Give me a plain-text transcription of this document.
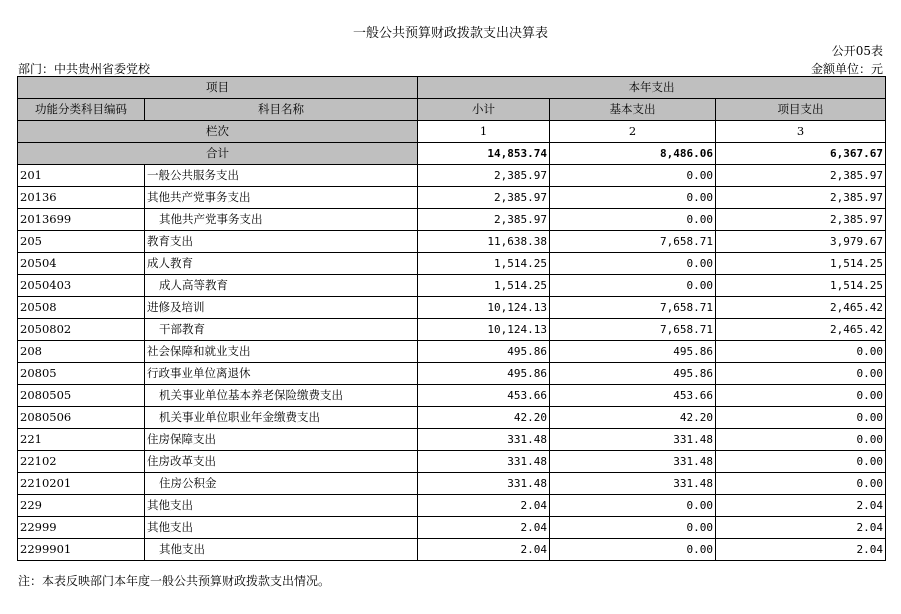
一般公共预算财政拨款支出决算表
公开05表
部门：中共贵州省委党校	金额单位：元
项目		本年支出		
功能分类科目编码	科目名称	小计	基本支出	项目支出
栏次		1	2	3
合计		14,853.74	8,486.06	6,367.67
201	一般公共服务支出	2,385.97	0.00	2,385.97
20136	其他共产党事务支出	2,385.97	0.00	2,385.97
2013699	其他共产党事务支出	2,385.97	0.00	2,385.97
205	教育支出	11,638.38	7,658.71	3,979.67
20504	成人教育	1,514.25	0.00	1,514.25
2050403	成人高等教育	1,514.25	0.00	1,514.25
20508	进修及培训	10,124.13	7,658.71	2,465.42
2050802	干部教育	10,124.13	7,658.71	2,465.42
208	社会保障和就业支出	495.86	495.86	0.00
20805	行政事业单位离退休	495.86	495.86	0.00
2080505	机关事业单位基本养老保险缴费支出	453.66	453.66	0.00
2080506	机关事业单位职业年金缴费支出	42.20	42.20	0.00
221	住房保障支出	331.48	331.48	0.00
22102	住房改革支出	331.48	331.48	0.00
2210201	住房公积金	331.48	331.48	0.00
229	其他支出	2.04	0.00	2.04
22999	其他支出	2.04	0.00	2.04
2299901	其他支出	2.04	0.00	2.04
注：本表反映部门本年度一般公共预算财政拨款支出情况。
